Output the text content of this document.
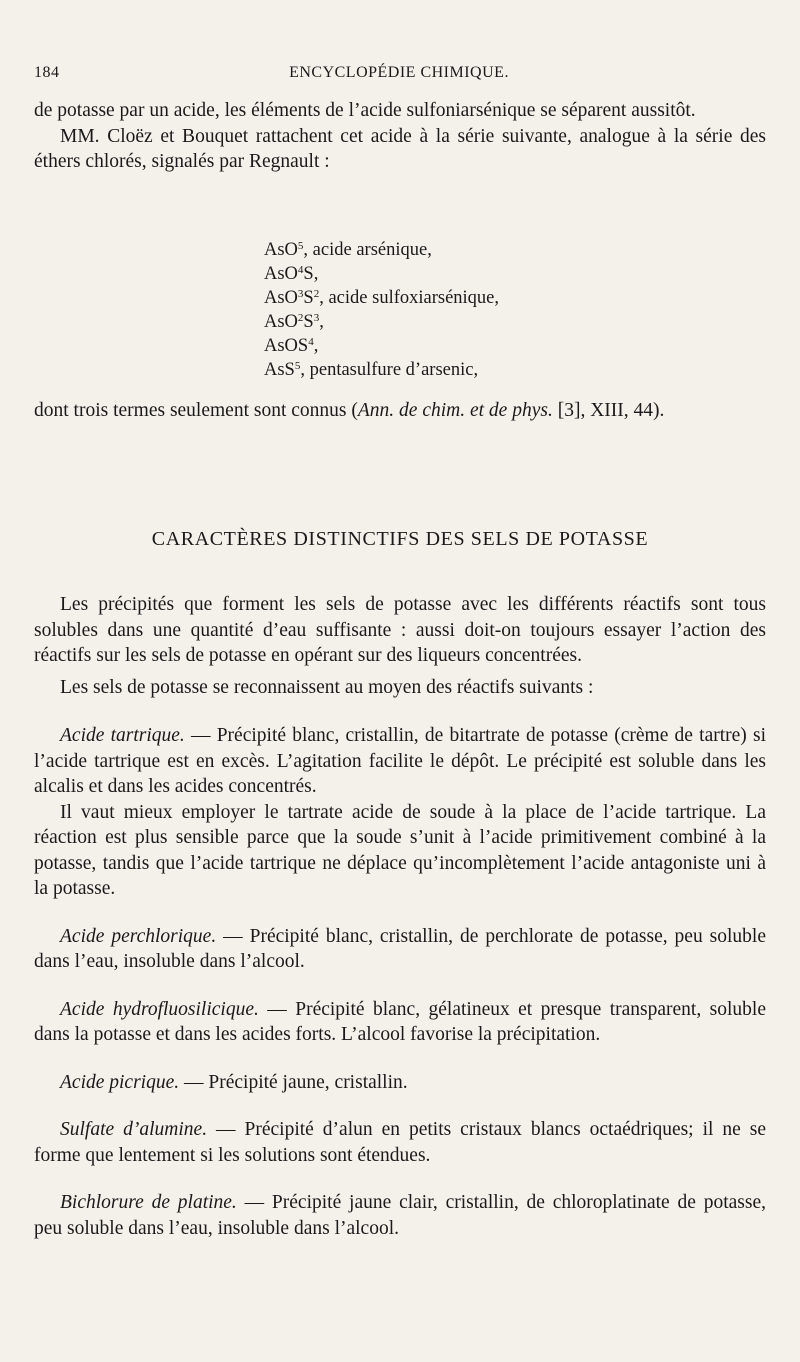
184	ENCYCLOPÉDIE CHIMIQUE.

de potasse par un acide, les éléments de l’acide sulfoniarsénique se séparent aussitôt.

MM. Cloëz et Bouquet rattachent cet acide à la série suivante, analogue à la série des éthers chlorés, signalés par Regnault :

AsO$^5$, acide arsénique,
AsO$^4$S,
$AsO^3S^2$, acide sulfoxiarsénique,
$AsO^2S^3$,
AsOS$^4$,
AsS$^5$, pentasulfure d’arsenic,

dont trois termes seulement sont connus (Ann. de chim. et de phys. [3], XIII, 44).

CARACTÈRES DISTINCTIFS DES SELS DE POTASSE

Les précipités que forment les sels de potasse avec les différents réactifs sont tous solubles dans une quantité d’eau suffisante : aussi doit-on toujours essayer l’action des réactifs sur les sels de potasse en opérant sur des liqueurs concentrées.

Les sels de potasse se reconnaissent au moyen des réactifs suivants :

Acide tartrique. — Précipité blanc, cristallin, de bitartrate de potasse (crème de tartre) si l’acide tartrique est en excès. L’agitation facilite le dépôt. Le précipité est soluble dans les alcalis et dans les acides concentrés.

Il vaut mieux employer le tartrate acide de soude à la place de l’acide tartrique. La réaction est plus sensible parce que la soude s’unit à l’acide primitivement combiné à la potasse, tandis que l’acide tartrique ne déplace qu’incomplètement l’acide antagoniste uni à la potasse.

Acide perchlorique. — Précipité blanc, cristallin, de perchlorate de potasse, peu soluble dans l’eau, insoluble dans l’alcool.

Acide hydrofluosilicique. — Précipité blanc, gélatineux et presque transparent, soluble dans la potasse et dans les acides forts. L’alcool favorise la précipitation.

Acide picrique. — Précipité jaune, cristallin.

Sulfate d’alumine. — Précipité d’alun en petits cristaux blancs octaédriques; il ne se forme que lentement si les solutions sont étendues.

Bichlorure de platine. — Précipité jaune clair, cristallin, de chloroplatinate de potasse, peu soluble dans l’eau, insoluble dans l’alcool.
